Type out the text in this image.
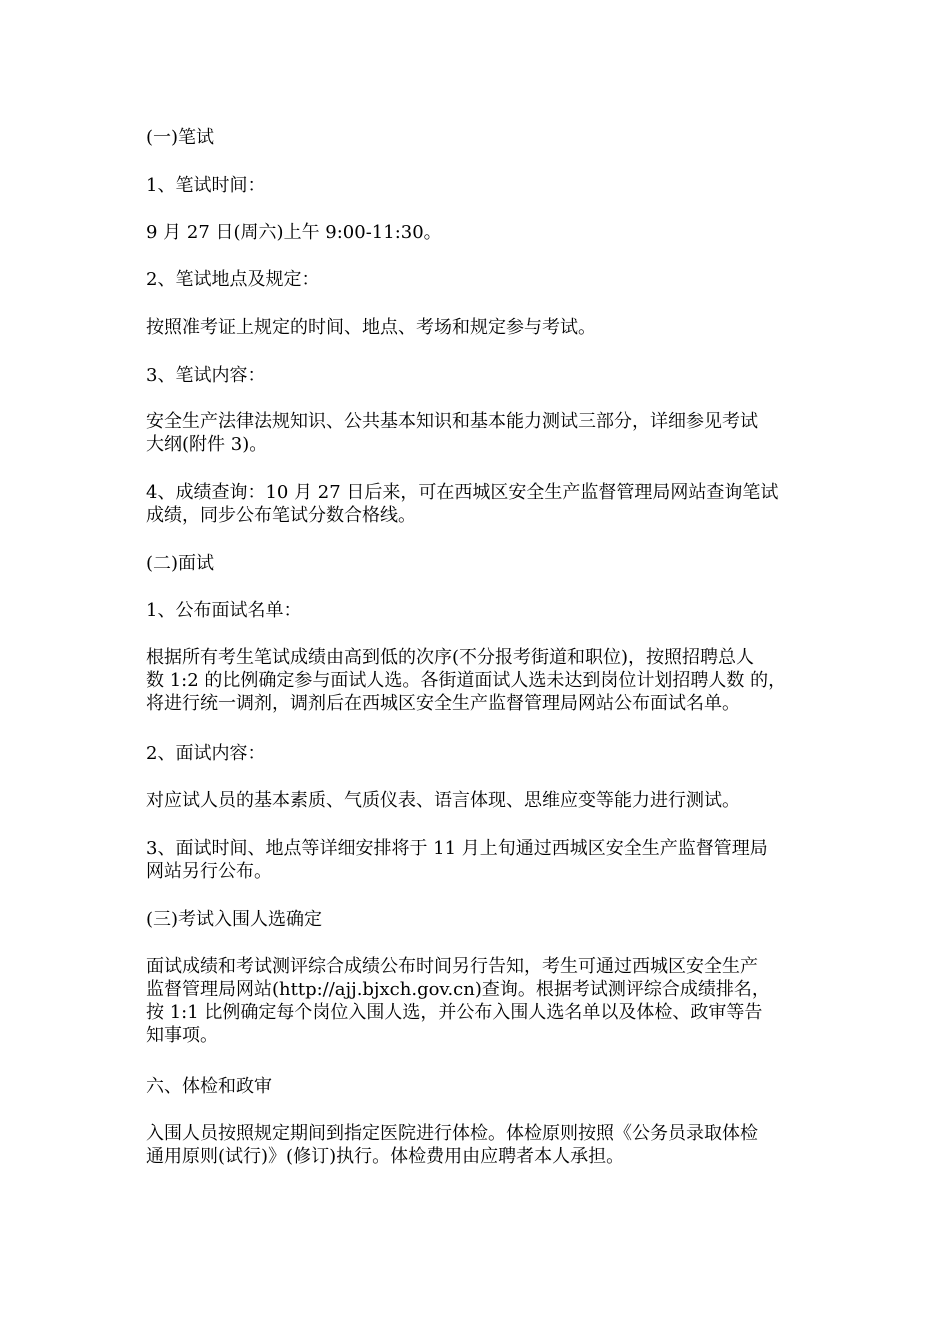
(一)笔试

1、笔试时间：

9 月 27 日(周六)上午 9:00-11:30。

2、笔试地点及规定：

按照准考证上规定的时间、地点、考场和规定参与考试。

3、笔试内容：

安全生产法律法规知识、公共基本知识和基本能力测试三部分，详细参见考试
大纲(附件 3)。

4、成绩查询：10 月 27 日后来，可在西城区安全生产监督管理局网站查询笔试
成绩，同步公布笔试分数合格线。

(二)面试

1、公布面试名单：

根据所有考生笔试成绩由高到低的次序(不分报考街道和职位)，按照招聘总人
数 1:2 的比例确定参与面试人选。各街道面试人选未达到岗位计划招聘人数 的，
将进行统一调剂，调剂后在西城区安全生产监督管理局网站公布面试名单。

2、面试内容：

对应试人员的基本素质、气质仪表、语言体现、思维应变等能力进行测试。

3、面试时间、地点等详细安排将于 11 月上旬通过西城区安全生产监督管理局
网站另行公布。

(三)考试入围人选确定

面试成绩和考试测评综合成绩公布时间另行告知，考生可通过西城区安全生产
监督管理局网站(http://ajj.bjxch.gov.cn)查询。根据考试测评综合成绩排名，
按 1:1 比例确定每个岗位入围人选，并公布入围人选名单以及体检、政审等告
知事项。

六、体检和政审

入围人员按照规定期间到指定医院进行体检。体检原则按照《公务员录取体检
通用原则(试行)》(修订)执行。体检费用由应聘者本人承担。
